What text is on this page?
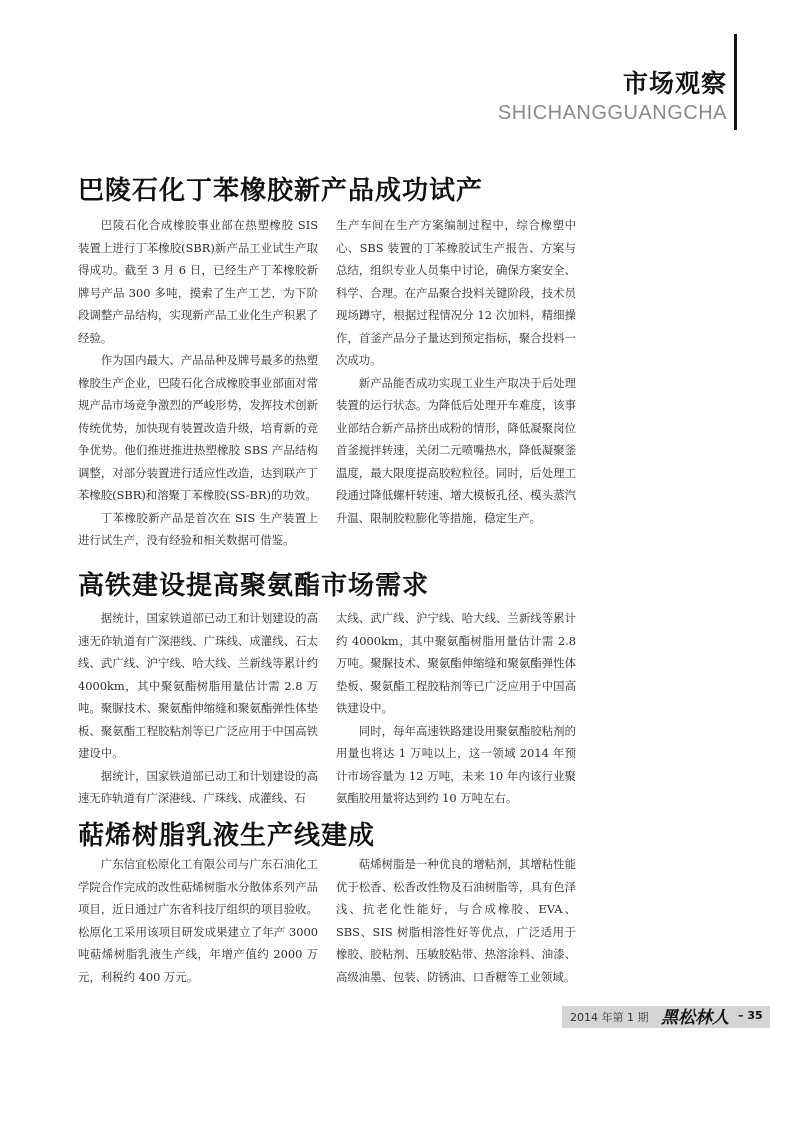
市场观察
SHICHANGGUANGCHA
巴陵石化丁苯橡胶新产品成功试产

巴陵石化合成橡胶事业部在热塑橡胶 SIS 装置上进行丁苯橡胶(SBR)新产品工业试生产取得成功。截至 3 月 6 日，已经生产丁苯橡胶新牌号产品 300 多吨，摸索了生产工艺，为下阶段调整产品结构，实现新产品工业化生产积累了经验。

作为国内最大、产品品种及牌号最多的热塑橡胶生产企业，巴陵石化合成橡胶事业部面对常规产品市场竞争激烈的严峻形势，发挥技术创新传统优势，加快现有装置改造升级，培育新的竞争优势。他们推进推进热塑橡胶 SBS 产品结构调整，对部分装置进行适应性改造，达到联产丁苯橡胶(SBR)和溶聚丁苯橡胶(SS-BR)的功效。

丁苯橡胶新产品是首次在 SIS 生产装置上进行试生产，没有经验和相关数据可借鉴。

生产车间在生产方案编制过程中，综合橡塑中心、SBS 装置的丁苯橡胶试生产报告、方案与总结，组织专业人员集中讨论，确保方案安全、科学、合理。在产品聚合投料关键阶段，技术员现场蹲守，根据过程情况分 12 次加料，精细操作，首釜产品分子量达到预定指标，聚合投料一次成功。

新产品能否成功实现工业生产取决于后处理装置的运行状态。为降低后处理开车难度，该事业部结合新产品挤出成粉的情形，降低凝聚岗位首釜搅拌转速，关闭二元喷嘴热水，降低凝聚釜温度，最大限度提高胶粒粒径。同时，后处理工段通过降低螺杆转速、增大模板孔径、模头蒸汽升温、限制胶粒膨化等措施，稳定生产。

高铁建设提高聚氨酯市场需求

据统计，国家铁道部已动工和计划建设的高速无砟轨道有广深港线、广珠线、成灌线、石太线、武广线、沪宁线、哈大线、兰新线等累计约 4000km，其中聚氨酯树脂用量估计需 2.8 万吨。聚脲技术、聚氨酯伸缩缝和聚氨酯弹性体垫板、聚氨酯工程胶粘剂等已广泛应用于中国高铁建设中。

据统计，国家铁道部已动工和计划建设的高速无砟轨道有广深港线、广珠线、成灌线、石

太线、武广线、沪宁线、哈大线、兰新线等累计约 4000km，其中聚氨酯树脂用量估计需 2.8 万吨。聚脲技术、聚氨酯伸缩缝和聚氨酯弹性体垫板、聚氨酯工程胶粘剂等已广泛应用于中国高铁建设中。

同时，每年高速铁路建设用聚氨酯胶粘剂的用量也将达 1 万吨以上，这一领域 2014 年预计市场容量为 12 万吨，未来 10 年内该行业聚氨酯胶用量将达到约 10 万吨左右。

萜烯树脂乳液生产线建成

广东信宜松原化工有限公司与广东石油化工学院合作完成的改性萜烯树脂水分散体系列产品项目，近日通过广东省科技厅组织的项目验收。松原化工采用该项目研发成果建立了年产 3000 吨萜烯树脂乳液生产线，年增产值约 2000 万元，利税约 400 万元。

萜烯树脂是一种优良的增粘剂，其增粘性能优于松香、松香改性物及石油树脂等，具有色泽浅、抗老化性能好，与合成橡胶、EVA、SBS、SIS 树脂相溶性好等优点，广泛适用于橡胶、胶粘剂、压敏胶粘带、热溶涂料、油漆、高级油墨、包装、防锈油、口香糖等工业领域。

2014 年第 1 期 黑松林人 – 35
